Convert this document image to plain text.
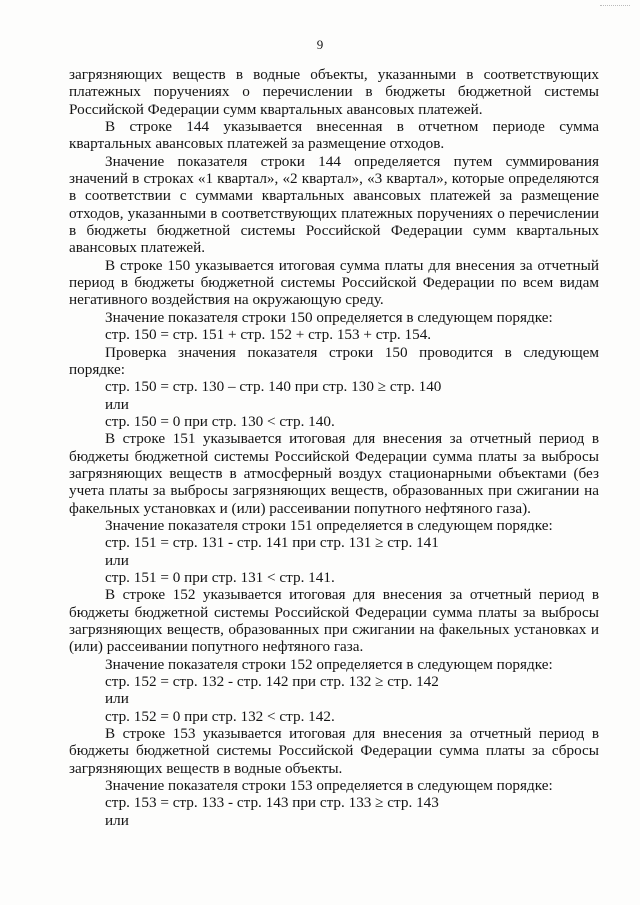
9

загрязняющих веществ в водные объекты, указанными в соответствующих платежных поручениях о перечислении в бюджеты бюджетной системы Российской Федерации сумм квартальных авансовых платежей.

В строке 144 указывается внесенная в отчетном периоде сумма квартальных авансовых платежей за размещение отходов.

Значение показателя строки 144 определяется путем суммирования значений в строках «1 квартал», «2 квартал», «3 квартал», которые определяются в соответствии с суммами квартальных авансовых платежей за размещение отходов, указанными в соответствующих платежных поручениях о перечислении в бюджеты бюджетной системы Российской Федерации сумм квартальных авансовых платежей.

В строке 150 указывается итоговая сумма платы для внесения за отчетный период в бюджеты бюджетной системы Российской Федерации по всем видам негативного воздействия на окружающую среду.

Значение показателя строки 150 определяется в следующем порядке:

стр. 150 = стр. 151 + стр. 152 + стр. 153 + стр. 154.

Проверка значения показателя строки 150 проводится в следующем порядке:

стр. 150 = стр. 130 – стр. 140 при стр. 130 ≥ стр. 140

или

стр. 150 = 0 при стр. 130 < стр. 140.

В строке 151 указывается итоговая для внесения за отчетный период в бюджеты бюджетной системы Российской Федерации сумма платы за выбросы загрязняющих веществ в атмосферный воздух стационарными объектами (без учета платы за выбросы загрязняющих веществ, образованных при сжигании на факельных установках и (или) рассеивании попутного нефтяного газа).

Значение показателя строки 151 определяется в следующем порядке:

стр. 151 = стр. 131 - стр. 141 при стр. 131 ≥ стр. 141

или

стр. 151 = 0 при стр. 131 < стр. 141.

В строке 152 указывается итоговая для внесения за отчетный период в бюджеты бюджетной системы Российской Федерации сумма платы за выбросы загрязняющих веществ, образованных при сжигании на факельных установках и (или) рассеивании попутного нефтяного газа.

Значение показателя строки 152 определяется в следующем порядке:

стр. 152 = стр. 132 - стр. 142 при стр. 132 ≥ стр. 142

или

стр. 152 = 0 при стр. 132 < стр. 142.

В строке 153 указывается итоговая для внесения за отчетный период в бюджеты бюджетной системы Российской Федерации сумма платы за сбросы загрязняющих веществ в водные объекты.

Значение показателя строки 153 определяется в следующем порядке:

стр. 153 = стр. 133 - стр. 143 при стр. 133 ≥ стр. 143

или
